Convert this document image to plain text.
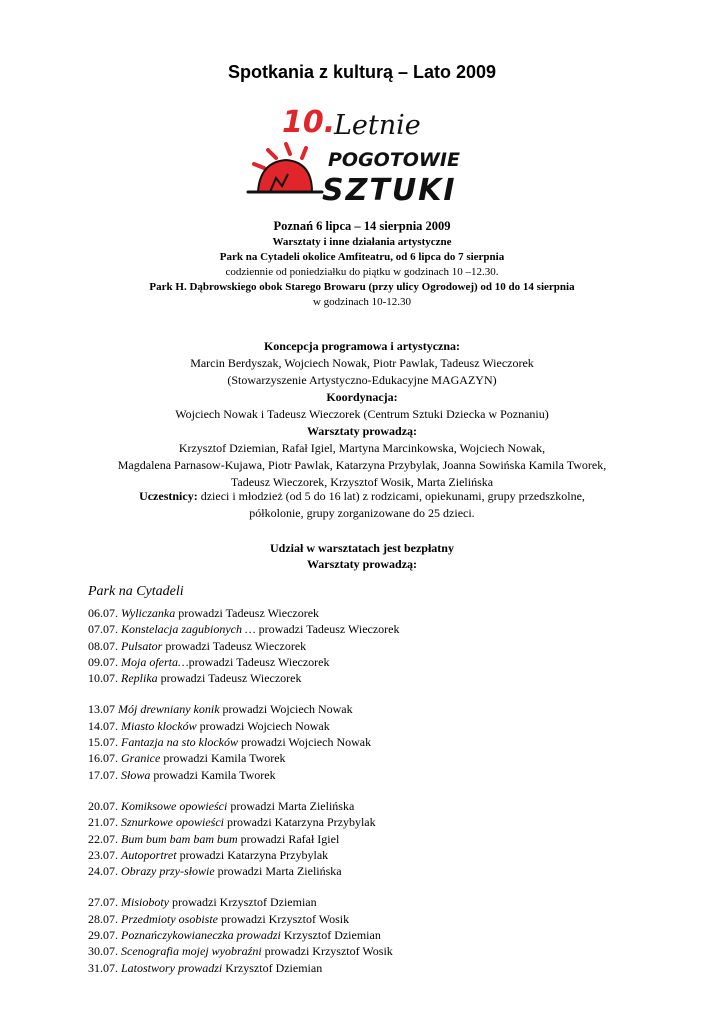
Spotkania z kulturą – Lato 2009
10.
Letnie
POGOTOWIE
SZTUKI
Poznań 6 lipca – 14 sierpnia 2009
Warsztaty i inne działania artystyczne
Park na Cytadeli okolice Amfiteatru, od 6 lipca do 7 sierpnia
codziennie od poniedziałku do piątku w godzinach 10 –12.30.
Park H. Dąbrowskiego obok Starego Browaru (przy ulicy Ogrodowej) od 10 do 14 sierpnia
w godzinach 10-12.30
Koncepcja programowa i artystyczna:
Marcin Berdyszak, Wojciech Nowak, Piotr Pawlak, Tadeusz Wieczorek
(Stowarzyszenie Artystyczno-Edukacyjne MAGAZYN)
Koordynacja:
Wojciech Nowak i Tadeusz Wieczorek (Centrum Sztuki Dziecka w Poznaniu)
Warsztaty prowadzą:
Krzysztof Dziemian, Rafał Igiel, Martyna Marcinkowska, Wojciech Nowak,
Magdalena Parnasow-Kujawa, Piotr Pawlak, Katarzyna Przybylak, Joanna Sowińska Kamila Tworek,
Tadeusz Wieczorek, Krzysztof Wosik, Marta Zielińska
Uczestnicy: dzieci i młodzież (od 5 do 16 lat) z rodzicami, opiekunami, grupy przedszkolne,
półkolonie, grupy zorganizowane do 25 dzieci.
Udział w warsztatach jest bezpłatny
Warsztaty prowadzą:
Park na Cytadeli
06.07. Wyliczanka prowadzi Tadeusz Wieczorek
07.07. Konstelacja zagubionych … prowadzi Tadeusz Wieczorek
08.07. Pulsator prowadzi Tadeusz Wieczorek
09.07. Moja oferta…prowadzi Tadeusz Wieczorek
10.07. Replika prowadzi Tadeusz Wieczorek
13.07 Mój drewniany konik prowadzi Wojciech Nowak
14.07. Miasto klocków prowadzi Wojciech Nowak
15.07. Fantazja na sto klocków prowadzi Wojciech Nowak
16.07. Granice prowadzi Kamila Tworek
17.07. Słowa prowadzi Kamila Tworek
20.07. Komiksowe opowieści prowadzi Marta Zielińska
21.07. Sznurkowe opowieści prowadzi Katarzyna Przybylak
22.07. Bum bum bam bam bum prowadzi Rafał Igiel
23.07. Autoportret prowadzi Katarzyna Przybylak
24.07. Obrazy przy-słowie prowadzi Marta Zielińska
27.07. Misioboty prowadzi Krzysztof Dziemian
28.07. Przedmioty osobiste prowadzi Krzysztof Wosik
29.07. Poznańczykowianeczka prowadzi Krzysztof Dziemian
30.07. Scenografia mojej wyobraźni prowadzi Krzysztof Wosik
31.07. Latostwory prowadzi Krzysztof Dziemian
